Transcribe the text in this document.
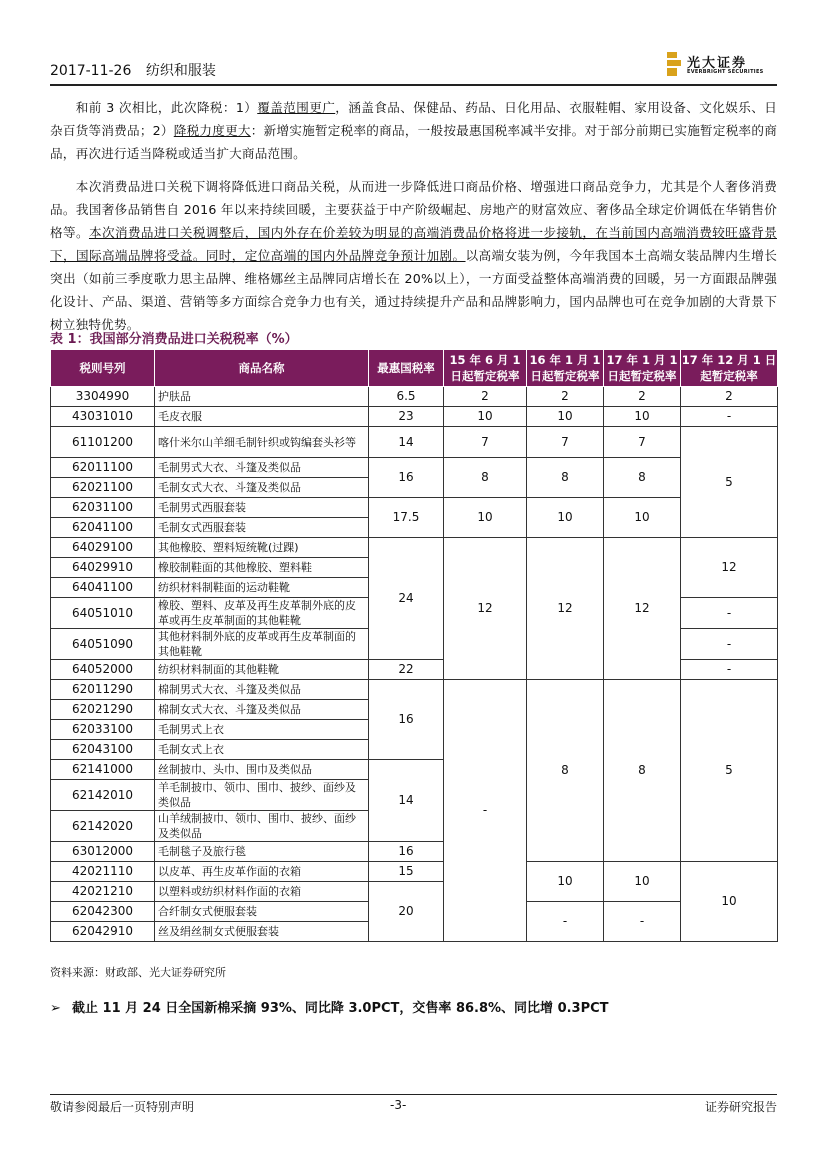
2017-11-26 纺织和服装	光大证券
EVERBRIGHT SECURITIES
  和前 3 次相比，此次降税：1）覆盖范围更广，涵盖食品、保健品、药品、日化用品、衣服鞋帽、家用设备、文化娱乐、日杂百货等消费品；2）降税力度更大：新增实施暂定税率的商品，一般按最惠国税率减半安排。对于部分前期已实施暂定税率的商品，再次进行适当降税或适当扩大商品范围。
  本次消费品进口关税下调将降低进口商品关税，从而进一步降低进口商品价格、增强进口商品竞争力，尤其是个人奢侈消费品。我国奢侈品销售自 2016 年以来持续回暖，主要获益于中产阶级崛起、房地产的财富效应、奢侈品全球定价调低在华销售价格等。本次消费品进口关税调整后，国内外存在价差较为明显的高端消费品价格将进一步接轨，在当前国内高端消费较旺盛背景下，国际高端品牌将受益。同时，定位高端的国内外品牌竞争预计加剧。以高端女装为例，今年我国本土高端女装品牌内生增长突出（如前三季度歌力思主品牌、维格娜丝主品牌同店增长在 20%以上），一方面受益整体高端消费的回暖，另一方面跟品牌强化设计、产品、渠道、营销等多方面综合竞争力也有关，通过持续提升产品和品牌影响力，国内品牌也可在竞争加剧的大背景下树立独特优势。
表 1：我国部分消费品进口关税税率（%）
税则号列	商品名称	最惠国税率	15 年 6 月 1 日起暂定税率	16 年 1 月 1 日起暂定税率	17 年 1 月 1 日起暂定税率	17 年 12 月 1 日起暂定税率
3304990	护肤品	6.5	2	2	2	2
43031010	毛皮衣服	23	10	10	10	-
61101200	喀什米尔山羊细毛制针织或钩编套头衫等	14	7	7	7	5
62011100	毛制男式大衣、斗篷及类似品	16	8	8	8	
62021100	毛制女式大衣、斗篷及类似品					
62031100	毛制男式西服套装	17.5	10	10	10	
62041100	毛制女式西服套装					
64029100	其他橡胶、塑料短统靴(过踝)	24	12	12	12	12
64029910	橡胶制鞋面的其他橡胶、塑料鞋					
64041100	纺织材料制鞋面的运动鞋靴					
64051010	橡胶、塑料、皮革及再生皮革制外底的皮革或再生皮革制面的其他鞋靴					-
64051090	其他材料制外底的皮革或再生皮革制面的其他鞋靴					-
64052000	纺织材料制面的其他鞋靴	22				-
62011290	棉制男式大衣、斗篷及类似品	16	-	8	8	5
62021290	棉制女式大衣、斗篷及类似品					
62033100	毛制男式上衣					
62043100	毛制女式上衣					
62141000	丝制披巾、头巾、围巾及类似品	14				
62142010	羊毛制披巾、领巾、围巾、披纱、面纱及类似品					
62142020	山羊绒制披巾、领巾、围巾、披纱、面纱及类似品					
63012000	毛制毯子及旅行毯	16				
42021110	以皮革、再生皮革作面的衣箱	15		10	10	10
42021210	以塑料或纺织材料作面的衣箱	20				
62042300	合纤制女式便服套装			-	-	
62042910	丝及绢丝制女式便服套装					
资料来源：财政部、光大证券研究所
➢ 截止 11 月 24 日全国新棉采摘 93%、同比降 3.0PCT，交售率 86.8%、同比增 0.3PCT
敬请参阅最后一页特别声明	-3-	证券研究报告
